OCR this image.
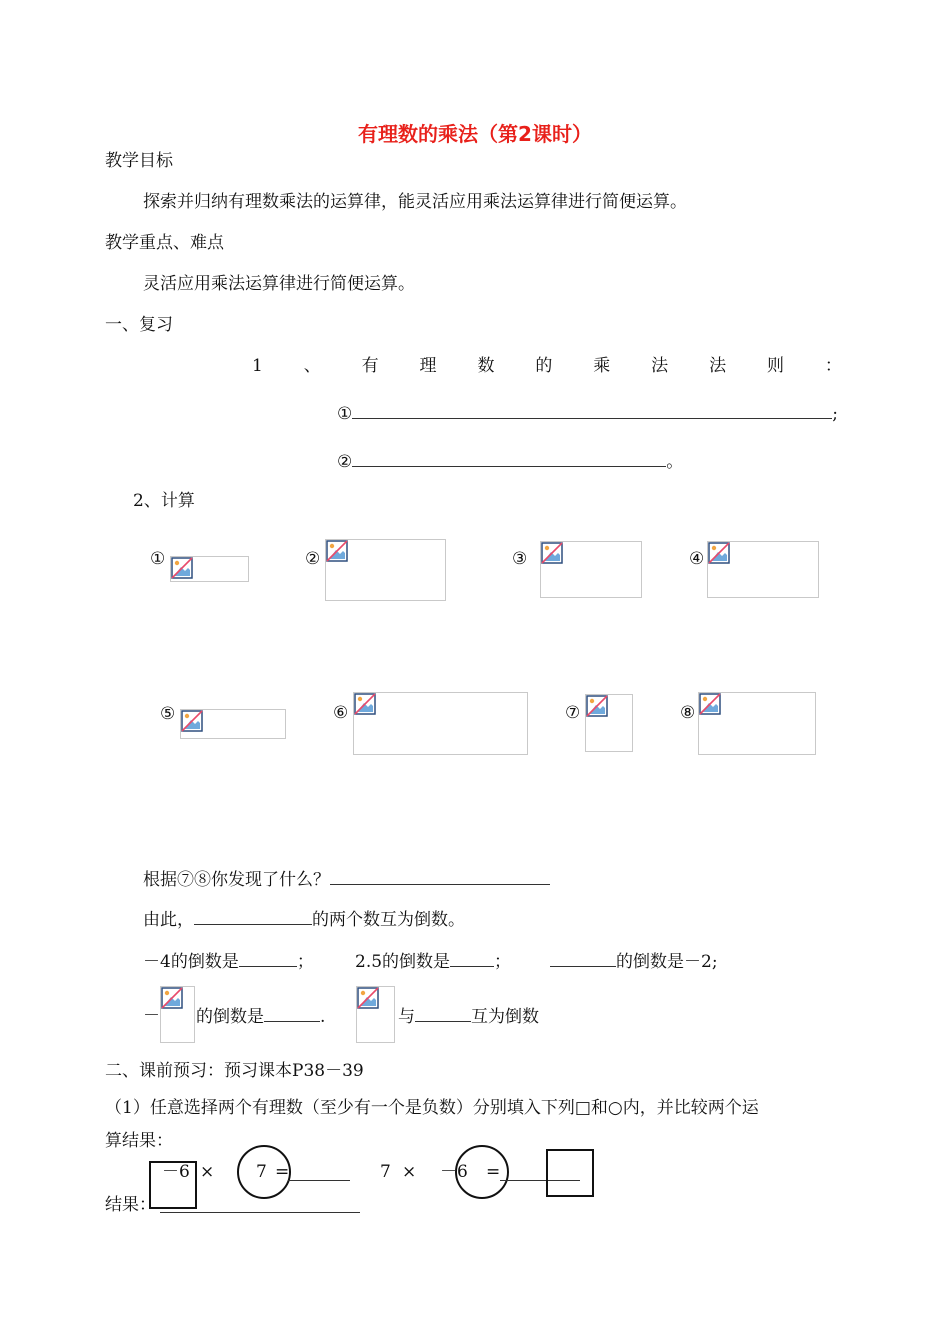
有理数的乘法（第2课时）
教学目标
探索并归纳有理数乘法的运算律，能灵活应用乘法运算律进行简便运算。
教学重点、难点
灵活应用乘法运算律进行简便运算。
一、复习
1 、 有 理 数 的 乘 法 法 则 ：
①	;
②	。
2、计算
①	②	③	④
⑤	⑥	⑦	⑧
根据⑦⑧你发现了什么？
由此，	的两个数互为倒数。
－4的倒数是	； 2.5的倒数是	；	的倒数是－2;
－ 的倒数是	.	与	互为倒数
二、课前预习：预习课本P38－39
（1）任意选择两个有理数（至少有一个是负数）分别填入下列□和○内，并比较两个运
算结果：
－6 × 7 =	7 × －6 =
结果：
